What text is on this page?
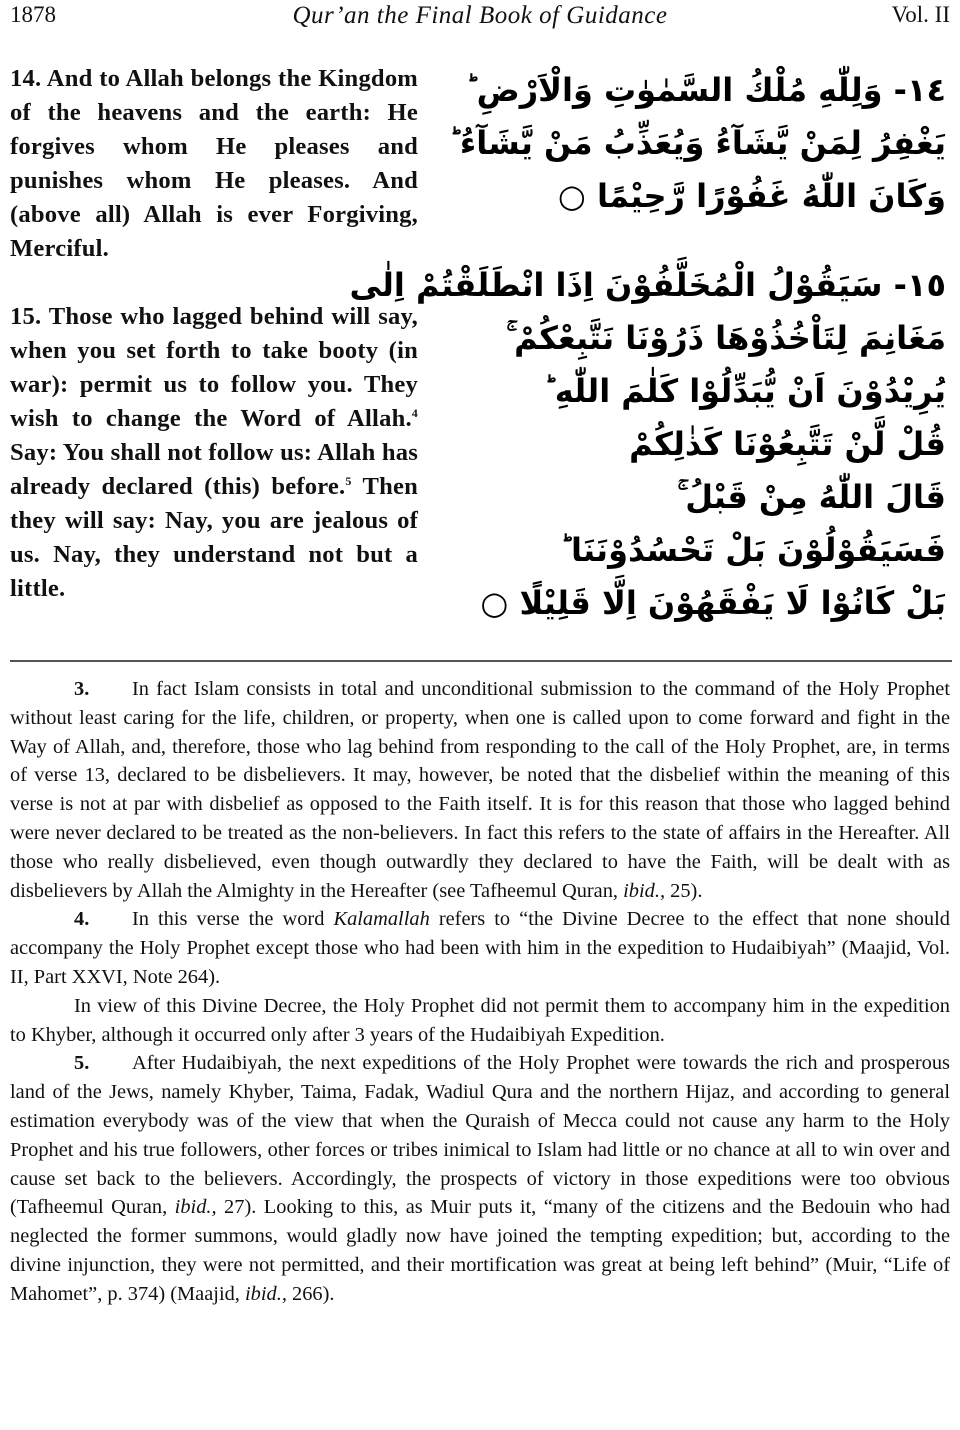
1878	Qur’an the Final Book of Guidance	Vol. II

14. And to Allah belongs the Kingdom of the heavens and the earth: He forgives whom He pleases and punishes whom He pleases. And (above all) Allah is ever Forgiving, Merciful.

15. Those who lagged behind will say, when you set forth to take booty (in war): permit us to follow you. They wish to change the Word of Allah.$^4$ Say: You shall not follow us: Allah has already declared (this) before.$^5$ Then they will say: Nay, you are jealous of us. Nay, they understand not but a little.

١٤- وَلِلّٰهِ مُلْكُ السَّمٰوٰتِ وَالْاَرْضِ ؕ
يَغْفِرُ لِمَنْ يَّشَآءُ وَيُعَذِّبُ مَنْ يَّشَآءُ ؕ
وَكَانَ اللّٰهُ غَفُوْرًا رَّحِيْمًا ○
١٥- سَيَقُوْلُ الْمُخَلَّفُوْنَ اِذَا انْطَلَقْتُمْ اِلٰى
مَغَانِمَ لِتَاْخُذُوْهَا ذَرُوْنَا نَتَّبِعْكُمْ ۚ
يُرِيْدُوْنَ اَنْ يُّبَدِّلُوْا كَلٰمَ اللّٰهِ ؕ
قُلْ لَّنْ تَتَّبِعُوْنَا كَذٰلِكُمْ
قَالَ اللّٰهُ مِنْ قَبْلُ ۚ
فَسَيَقُوْلُوْنَ بَلْ تَحْسُدُوْنَنَا ؕ
بَلْ كَانُوْا لَا يَفْقَهُوْنَ اِلَّا قَلِيْلًا ○

3. In fact Islam consists in total and unconditional submission to the command of the Holy Prophet without least caring for the life, children, or property, when one is called upon to come forward and fight in the Way of Allah, and, therefore, those who lag behind from responding to the call of the Holy Prophet, are, in terms of verse 13, declared to be disbelievers. It may, however, be noted that the disbelief within the meaning of this verse is not at par with disbelief as opposed to the Faith itself. It is for this reason that those who lagged behind were never declared to be treated as the non-believers. In fact this refers to the state of affairs in the Hereafter. All those who really disbelieved, even though outwardly they declared to have the Faith, will be dealt with as disbelievers by Allah the Almighty in the Hereafter (see Tafheemul Quran, ibid., 25).

4. In this verse the word Kalamallah refers to “the Divine Decree to the effect that none should accompany the Holy Prophet except those who had been with him in the expedition to Hudaibiyah” (Maajid, Vol. II, Part XXVI, Note 264).

In view of this Divine Decree, the Holy Prophet did not permit them to accompany him in the expedition to Khyber, although it occurred only after 3 years of the Hudaibiyah Expedition.

5. After Hudaibiyah, the next expeditions of the Holy Prophet were towards the rich and prosperous land of the Jews, namely Khyber, Taima, Fadak, Wadiul Qura and the northern Hijaz, and according to general estimation everybody was of the view that when the Quraish of Mecca could not cause any harm to the Holy Prophet and his true followers, other forces or tribes inimical to Islam had little or no chance at all to win over and cause set back to the believers. Accordingly, the prospects of victory in those expeditions were too obvious (Tafheemul Quran, ibid., 27). Looking to this, as Muir puts it, “many of the citizens and the Bedouin who had neglected the former summons, would gladly now have joined the tempting expedition; but, according to the divine injunction, they were not permitted, and their mortification was great at being left behind” (Muir, “Life of Mahomet”, p. 374) (Maajid, ibid., 266).
